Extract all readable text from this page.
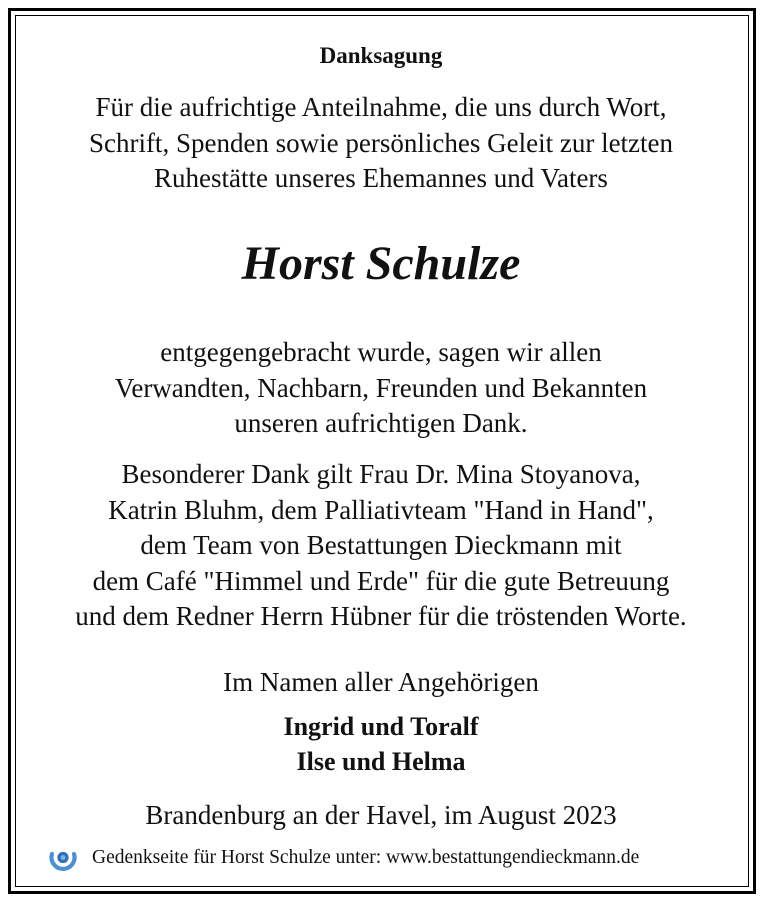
Danksagung

Für die aufrichtige Anteilnahme, die uns durch Wort,
Schrift, Spenden sowie persönliches Geleit zur letzten
Ruhestätte unseres Ehemannes und Vaters

Horst Schulze

entgegengebracht wurde, sagen wir allen
Verwandten, Nachbarn, Freunden und Bekannten
unseren aufrichtigen Dank.

Besonderer Dank gilt Frau Dr. Mina Stoyanova,
Katrin Bluhm, dem Palliativteam "Hand in Hand",
dem Team von Bestattungen Dieckmann mit
dem Café "Himmel und Erde" für die gute Betreuung
und dem Redner Herrn Hübner für die tröstenden Worte.

Im Namen aller Angehörigen

Ingrid und Toralf
Ilse und Helma

Brandenburg an der Havel, im August 2023

Gedenkseite für Horst Schulze unter: www.bestattungendieckmann.de
